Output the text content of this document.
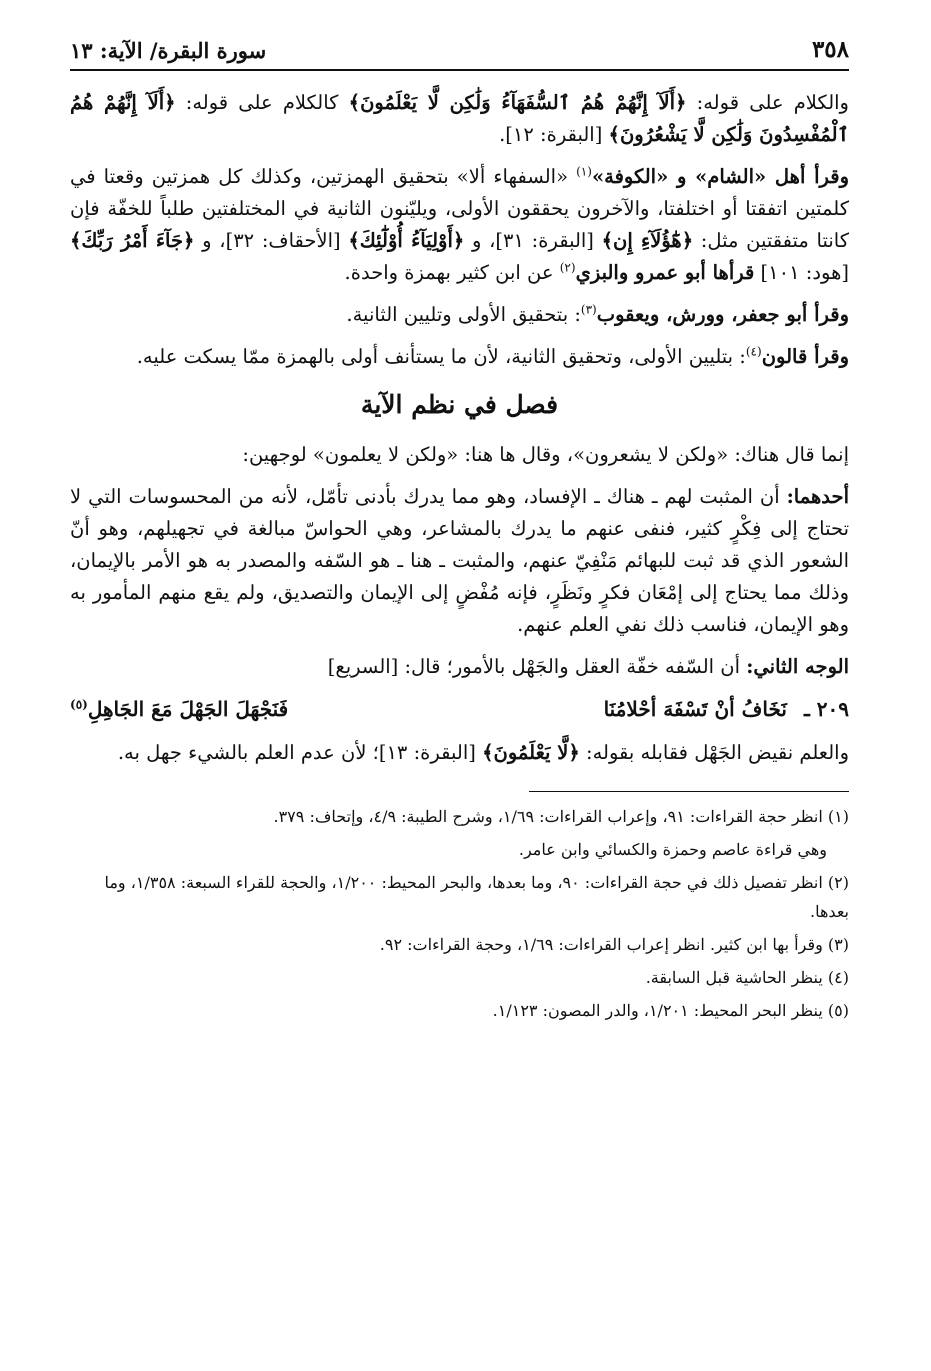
٣٥٨
سورة البقرة/ الآية: ١٣

والكلام على قوله: ﴿أَلَآ إِنَّهُمْ هُمُ ٱلسُّفَهَآءُ وَلَٰكِن لَّا يَعْلَمُونَ﴾ كالكلام على قوله: ﴿أَلَآ إِنَّهُمْ هُمُ ٱلْمُفْسِدُونَ وَلَٰكِن لَّا يَشْعُرُونَ﴾ [البقرة: ١٢].

وقرأ أهل «الشام» و «الكوفة»$^{(١)}$ «السفهاء ألا» بتحقيق الهمزتين، وكذلك كل همزتين وقعتا في كلمتين اتفقتا أو اختلفتا، والآخرون يحققون الأولى، ويليّنون الثانية في المختلفتين طلباً للخفّة فإن كانتا متفقتين مثل: ﴿هَٰٓؤُلَآءِ إِن﴾ [البقرة: ٣١]، و ﴿أَوْلِيَآءُ أُوْلَٰٓئِكَ﴾ [الأحقاف: ٣٢]، و ﴿جَآءَ أَمْرُ رَبِّكَ﴾ [هود: ١٠١] قرأها أبو عمرو والبزي$^{(٢)}$ عن ابن كثير بهمزة واحدة.

وقرأ أبو جعفر، وورش، ويعقوب$^{(٣)}$: بتحقيق الأولى وتليين الثانية.

وقرأ قالون$^{(٤)}$: بتليين الأولى، وتحقيق الثانية، لأن ما يستأنف أولى بالهمزة ممّا يسكت عليه.

فصل في نظم الآية

إنما قال هناك: «ولكن لا يشعرون»، وقال ها هنا: «ولكن لا يعلمون» لوجهين:

أحدهما: أن المثبت لهم ـ هناك ـ الإفساد، وهو مما يدرك بأدنى تأمّل، لأنه من المحسوسات التي لا تحتاج إلى فِكْرٍ كثير، فنفى عنهم ما يدرك بالمشاعر، وهي الحواسّ مبالغة في تجهيلهم، وهو أنّ الشعور الذي قد ثبت للبهائم مَنْفِيّ عنهم، والمثبت ـ هنا ـ هو السّفه والمصدر به هو الأمر بالإيمان، وذلك مما يحتاج إلى إمْعَان فكرٍ ونَظَرٍ، فإنه مُفْضٍ إلى الإيمان والتصديق، ولم يقع منهم المأمور به وهو الإيمان، فناسب ذلك نفي العلم عنهم.

الوجه الثاني: أن السّفه خفّة العقل والجَهْل بالأمور؛ قال: [السريع]

٢٠٩ ـ نَخَافُ أنْ تَسْفَهَ أحْلامُنَا
فَنَجْهَلَ الجَهْلَ مَعَ الجَاهِلِ$^{(٥)}$

والعلم نقيض الجَهْل فقابله بقوله: ﴿لَّا يَعْلَمُونَ﴾ [البقرة: ١٣]؛ لأن عدم العلم بالشيء جهل به.

(١) انظر حجة القراءات: ٩١، وإعراب القراءات: ١/٦٩، وشرح الطيبة: ٤/٩، وإتحاف: ٣٧٩.
وهي قراءة عاصم وحمزة والكسائي وابن عامر.
(٢) انظر تفصيل ذلك في حجة القراءات: ٩٠، وما بعدها، والبحر المحيط: ١/٢٠٠، والحجة للقراء السبعة: ١/٣٥٨، وما بعدها.
(٣) وقرأ بها ابن كثير. انظر إعراب القراءات: ١/٦٩، وحجة القراءات: ٩٢.
(٤) ينظر الحاشية قبل السابقة.
(٥) ينظر البحر المحيط: ١/٢٠١، والدر المصون: ١/١٢٣.
